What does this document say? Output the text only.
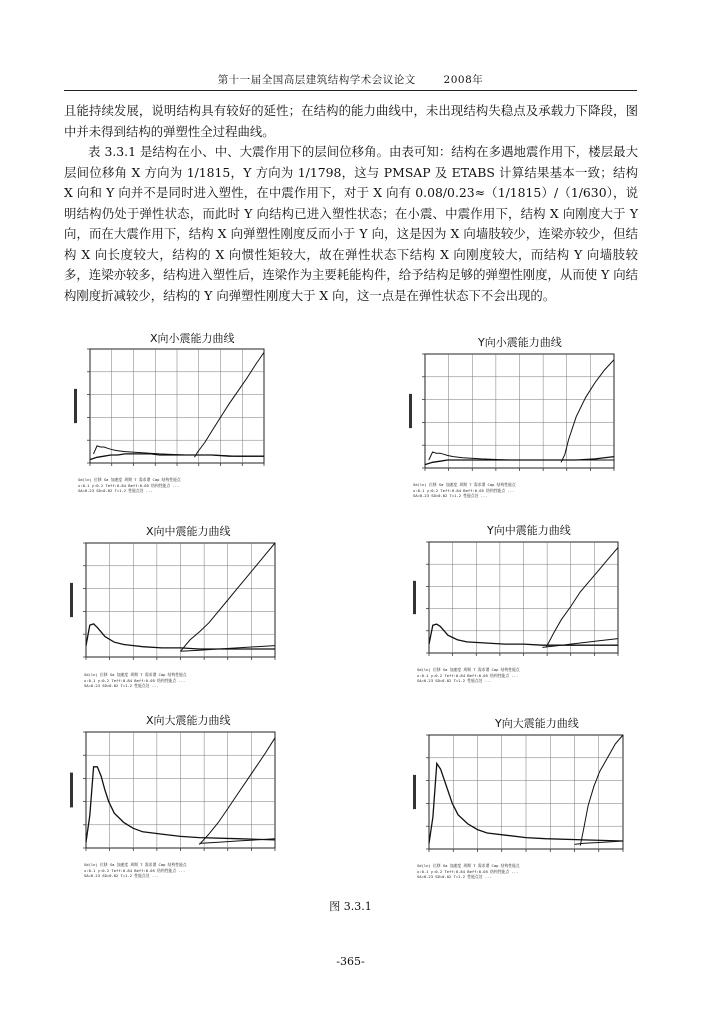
第十一届全国高层建筑结构学术会议论文	2008年

且能持续发展，说明结构具有较好的延性；在结构的能力曲线中，未出现结构失稳点及承载力下降段，图中并未得到结构的弹塑性全过程曲线。

表 3.3.1 是结构在小、中、大震作用下的层间位移角。由表可知：结构在多遇地震作用下，楼层最大层间位移角 X 方向为 1/1815，Y 方向为 1/1798，这与 PMSAP 及 ETABS 计算结果基本一致；结构 X 向和 Y 向并不是同时进入塑性，在中震作用下，对于 X 向有 0.08/0.23≈（1/1815）/（1/630），说明结构仍处于弹性状态，而此时 Y 向结构已进入塑性状态；在小震、中震作用下，结构 X 向刚度大于 Y 向，而在大震作用下，结构 X 向弹塑性刚度反而小于 Y 向，这是因为 X 向墙肢较少，连梁亦较少，但结构 X 向长度较大，结构的 X 向惯性矩较大，故在弹性状态下结构 X 向刚度较大，而结构 Y 向墙肢较多，连梁亦较多，结构进入塑性后，连梁作为主要耗能构件，给予结构足够的弹塑性刚度，从而使 Y 向结构刚度折减较少，结构的 Y 向弹塑性刚度大于 X 向，这一点是在弹性状态下不会出现的。

X向小震能力曲线
Sd(ln) 位移 Sa 加速度 周期 T 需求谱 Cap 结构性能点
x:0.1 y:0.2 Teff:0.84 Beff:0.05 结构性能点 ...
SA=0.23 SD=0.02 T=1.2 性能点处 ...
Y向小震能力曲线
Sd(ln) 位移 Sa 加速度 周期 T 需求谱 Cap 结构性能点
x:0.1 y:0.2 Teff:0.84 Beff:0.05 结构性能点 ...
SA=0.23 SD=0.02 T=1.2 性能点处 ...
X向中震能力曲线
Sd(ln) 位移 Sa 加速度 周期 T 需求谱 Cap 结构性能点
x:0.1 y:0.2 Teff:0.84 Beff:0.05 结构性能点 ...
SA=0.23 SD=0.02 T=1.2 性能点处 ...
Y向中震能力曲线
Sd(ln) 位移 Sa 加速度 周期 T 需求谱 Cap 结构性能点
x:0.1 y:0.2 Teff:0.84 Beff:0.05 结构性能点 ...
SA=0.23 SD=0.02 T=1.2 性能点处 ...
X向大震能力曲线
Sd(ln) 位移 Sa 加速度 周期 T 需求谱 Cap 结构性能点
x:0.1 y:0.2 Teff:0.84 Beff:0.05 结构性能点 ...
SA=0.23 SD=0.02 T=1.2 性能点处 ...
Y向大震能力曲线
Sd(ln) 位移 Sa 加速度 周期 T 需求谱 Cap 结构性能点
x:0.1 y:0.2 Teff:0.84 Beff:0.05 结构性能点 ...
SA=0.23 SD=0.02 T=1.2 性能点处 ...
图 3.3.1
-365-
